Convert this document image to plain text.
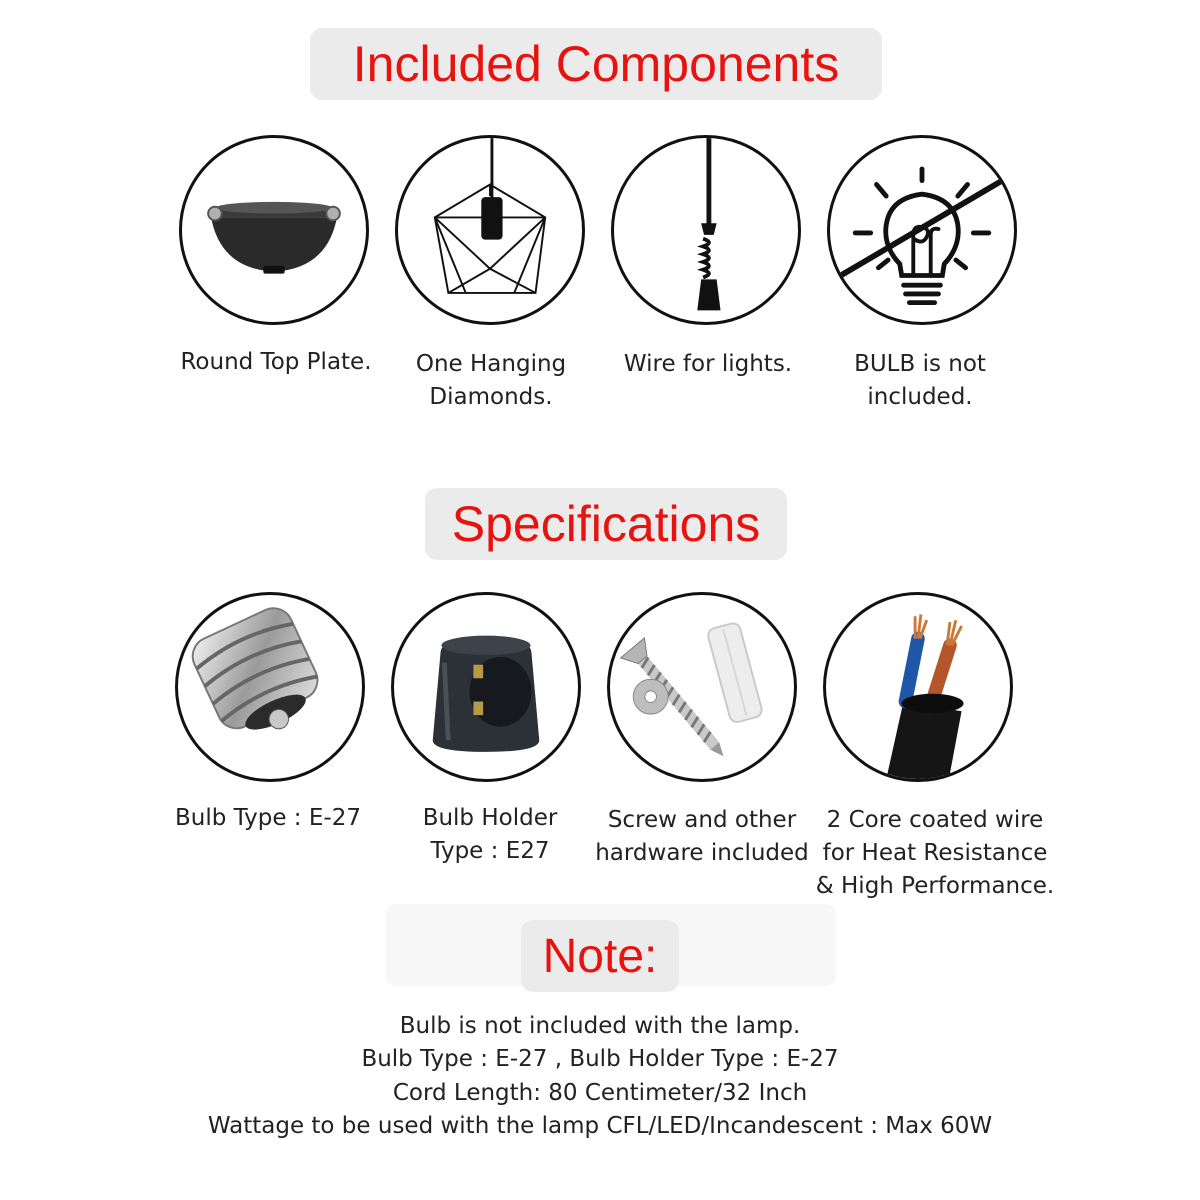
Included Components
Round Top Plate. One Hanging
Diamonds.
Wire for lights.	BULB is not
included.
Specifications
Bulb Type : E-27	Bulb Holder
Type : E27
Screw and other
hardware included
2 Core coated wire
for Heat Resistance
& High Performance.
Note:
Bulb is not included with the lamp.
Bulb Type : E-27 , Bulb Holder Type : E-27
Cord Length: 80 Centimeter/32 Inch
Wattage to be used with the lamp CFL/LED/Incandescent : Max 60W
